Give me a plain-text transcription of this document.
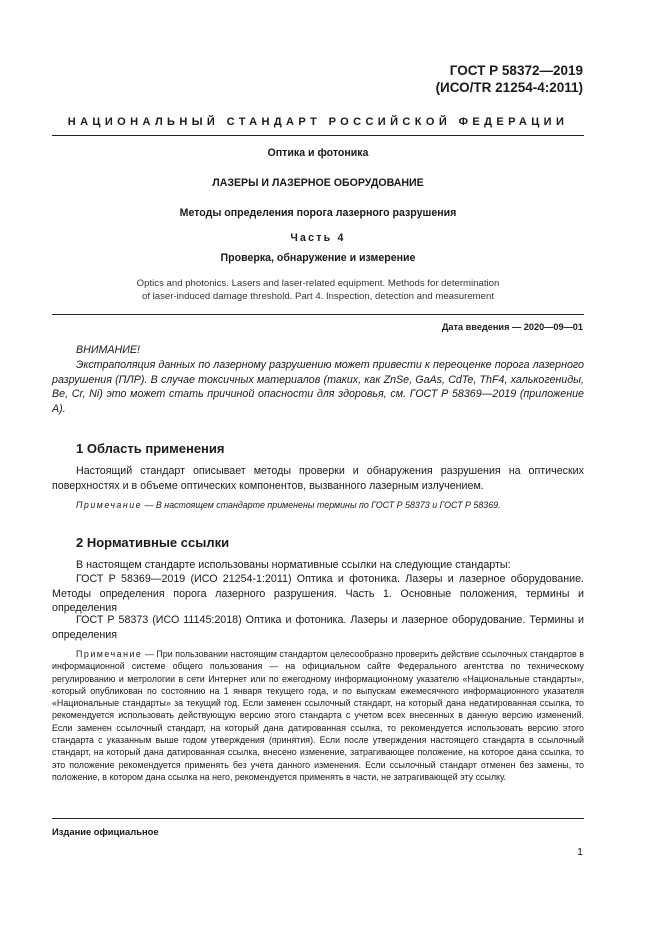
ГОСТ Р 58372—2019
(ИСО/TR 21254-4:2011)
НАЦИОНАЛЬНЫЙ СТАНДАРТ РОССИЙСКОЙ ФЕДЕРАЦИИ
Оптика и фотоника
ЛАЗЕРЫ И ЛАЗЕРНОЕ ОБОРУДОВАНИЕ
Методы определения порога лазерного разрушения
Часть 4
Проверка, обнаружение и измерение
Optics and photonics. Lasers and laser-related equipment. Methods for determination
of laser-induced damage threshold. Part 4. Inspection, detection and measurement
Дата введения — 2020—09—01
ВНИМАНИЕ!

Экстраполяция данных по лазерному разрушению может привести к переоценке порога лазерного разрушения (ПЛР). В случае токсичных материалов (таких, как ZnSe, GaAs, CdTe, ThF4, халькогениды, Be, Cr, Ni) это может стать причиной опасности для здоровья, см. ГОСТ Р 58369—2019 (приложение А).

1 Область применения

Настоящий стандарт описывает методы проверки и обнаружения разрушения на оптических поверхностях и в объеме оптических компонентов, вызванного лазерным излучением.

Примечание — В настоящем стандарте применены термины по ГОСТ Р 58373 и ГОСТ Р 58369.
2 Нормативные ссылки

В настоящем стандарте использованы нормативные ссылки на следующие стандарты:

ГОСТ Р 58369—2019 (ИСО 21254-1:2011) Оптика и фотоника. Лазеры и лазерное оборудование. Методы определения порога лазерного разрушения. Часть 1. Основные положения, термины и определения

ГОСТ Р 58373 (ИСО 11145:2018) Оптика и фотоника. Лазеры и лазерное оборудование. Термины и определения

Примечание — При пользовании настоящим стандартом целесообразно проверить действие ссылочных стандартов в информационной системе общего пользования — на официальном сайте Федерального агентства по техническому регулированию и метрологии в сети Интернет или по ежегодному информационному указателю «Национальные стандарты», который опубликован по состоянию на 1 января текущего года, и по выпускам ежемесячного информационного указателя «Национальные стандарты» за текущий год. Если заменен ссылочный стандарт, на который дана недатированная ссылка, то рекомендуется использовать действующую версию этого стандарта с учетом всех внесенных в данную версию изменений. Если заменен ссылочный стандарт, на который дана датированная ссылка, то рекомендуется использовать версию этого стандарта с указанным выше годом утверждения (принятия). Если после утверждения настоящего стандарта в ссылочный стандарт, на который дана датированная ссылка, внесено изменение, затрагивающее положение, на которое дана ссылка, то это положение рекомендуется применять без учета данного изменения. Если ссылочный стандарт отменен без замены, то положение, в котором дана ссылка на него, рекомендуется применять в части, не затрагивающей эту ссылку.

Издание официальное
1
